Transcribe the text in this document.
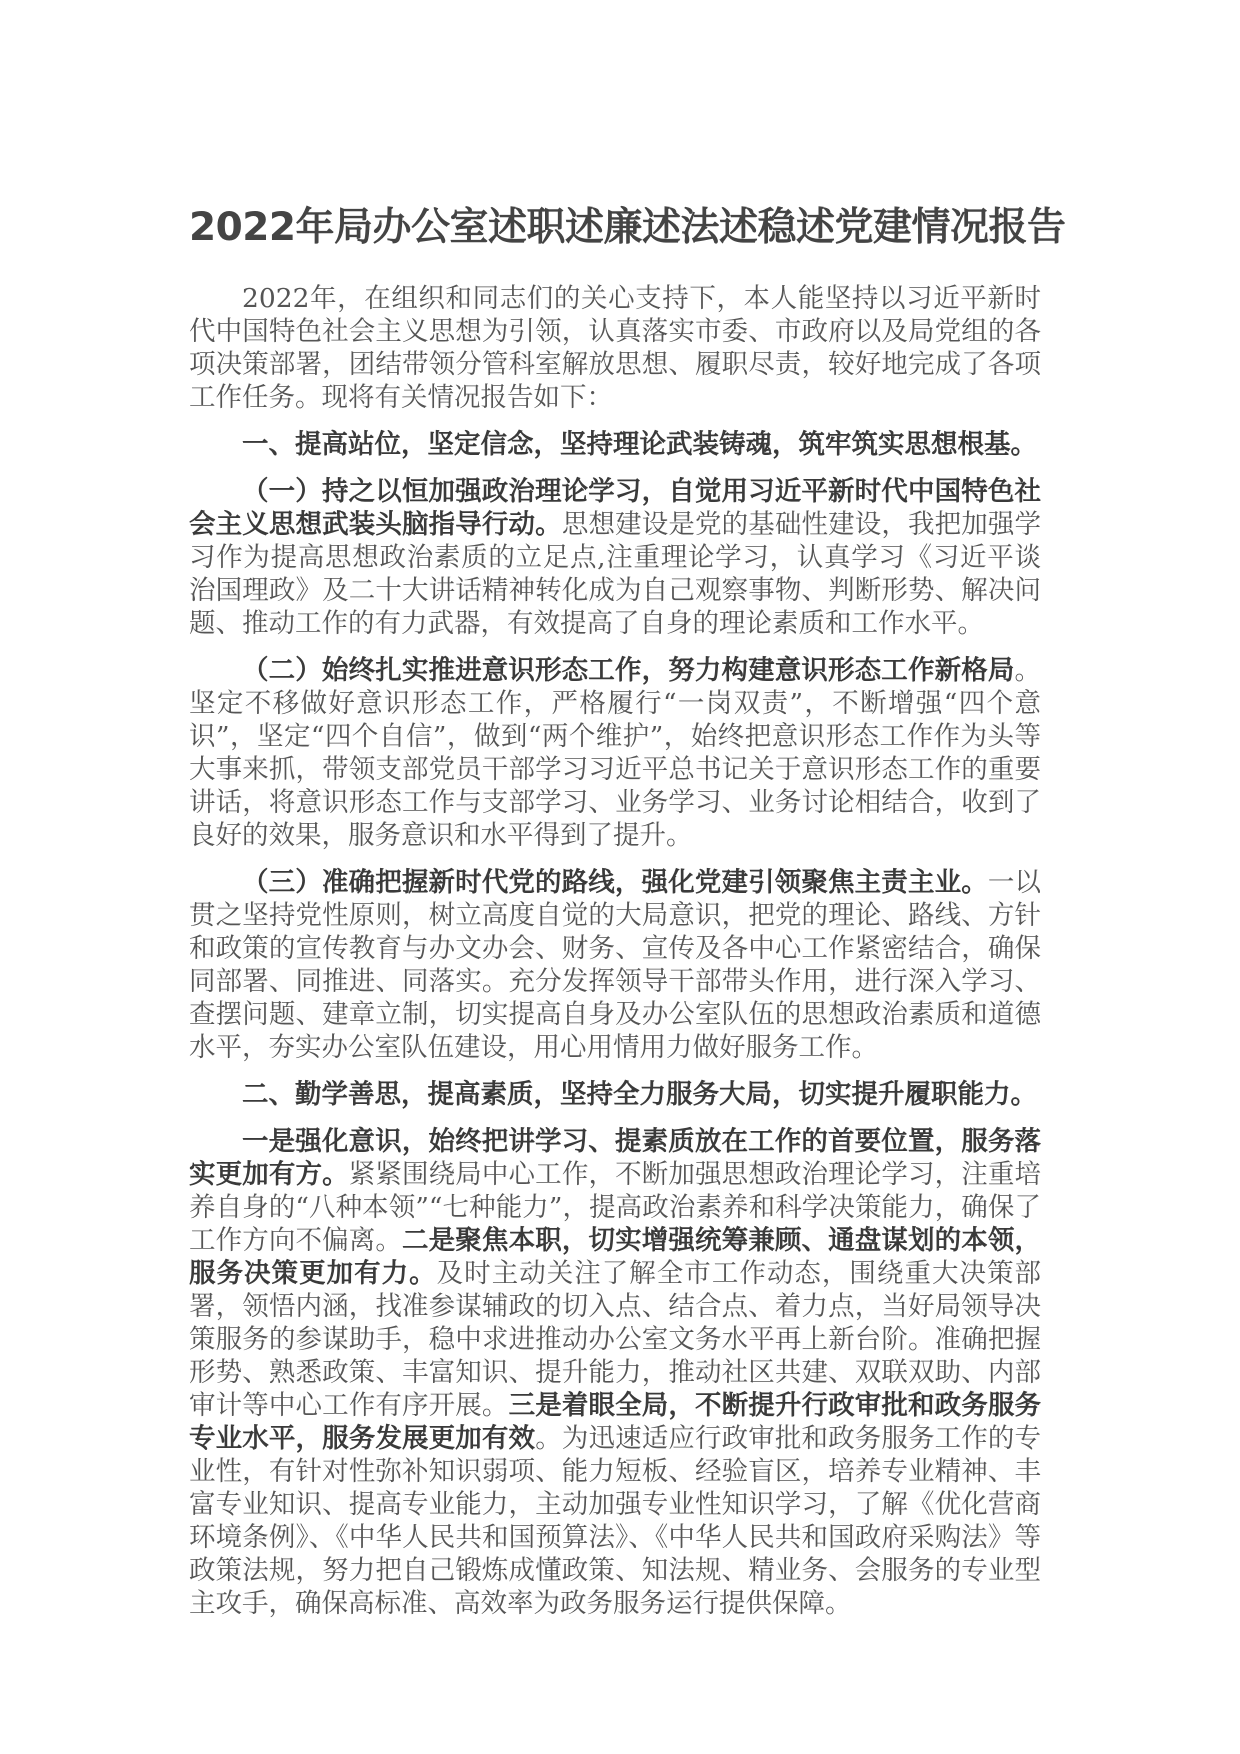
2022年局办公室述职述廉述法述稳述党建情况报告

2022年，在组织和同志们的关心支持下，本人能坚持以习近平新时代中国特色社会主义思想为引领，认真落实市委、市政府以及局党组的各项决策部署，团结带领分管科室解放思想、履职尽责，较好地完成了各项工作任务。现将有关情况报告如下：

一、提高站位，坚定信念，坚持理论武装铸魂，筑牢筑实思想根基。

（一）持之以恒加强政治理论学习，自觉用习近平新时代中国特色社会主义思想武装头脑指导行动。思想建设是党的基础性建设，我把加强学习作为提高思想政治素质的立足点,注重理论学习，认真学习《习近平谈治国理政》及二十大讲话精神转化成为自己观察事物、判断形势、解决问题、推动工作的有力武器，有效提高了自身的理论素质和工作水平。

（二）始终扎实推进意识形态工作，努力构建意识形态工作新格局。坚定不移做好意识形态工作，严格履行“一岗双责”，不断增强“四个意识”，坚定“四个自信”，做到“两个维护”，始终把意识形态工作作为头等大事来抓，带领支部党员干部学习习近平总书记关于意识形态工作的重要讲话，将意识形态工作与支部学习、业务学习、业务讨论相结合，收到了良好的效果，服务意识和水平得到了提升。

（三）准确把握新时代党的路线，强化党建引领聚焦主责主业。一以贯之坚持党性原则，树立高度自觉的大局意识，把党的理论、路线、方针和政策的宣传教育与办文办会、财务、宣传及各中心工作紧密结合，确保同部署、同推进、同落实。充分发挥领导干部带头作用，进行深入学习、查摆问题、建章立制，切实提高自身及办公室队伍的思想政治素质和道德水平，夯实办公室队伍建设，用心用情用力做好服务工作。

二、勤学善思，提高素质，坚持全力服务大局，切实提升履职能力。

一是强化意识，始终把讲学习、提素质放在工作的首要位置，服务落实更加有方。紧紧围绕局中心工作，不断加强思想政治理论学习，注重培养自身的“八种本领”“七种能力”，提高政治素养和科学决策能力，确保了工作方向不偏离。二是聚焦本职，切实增强统筹兼顾、通盘谋划的本领，服务决策更加有力。及时主动关注了解全市工作动态，围绕重大决策部署，领悟内涵，找准参谋辅政的切入点、结合点、着力点，当好局领导决策服务的参谋助手，稳中求进推动办公室文务水平再上新台阶。准确把握形势、熟悉政策、丰富知识、提升能力，推动社区共建、双联双助、内部审计等中心工作有序开展。三是着眼全局，不断提升行政审批和政务服务专业水平，服务发展更加有效。为迅速适应行政审批和政务服务工作的专业性，有针对性弥补知识弱项、能力短板、经验盲区，培养专业精神、丰富专业知识、提高专业能力，主动加强专业性知识学习，了解《优化营商环境条例》、《中华人民共和国预算法》、《中华人民共和国政府采购法》等政策法规，努力把自己锻炼成懂政策、知法规、精业务、会服务的专业型主攻手，确保高标准、高效率为政务服务运行提供保障。
